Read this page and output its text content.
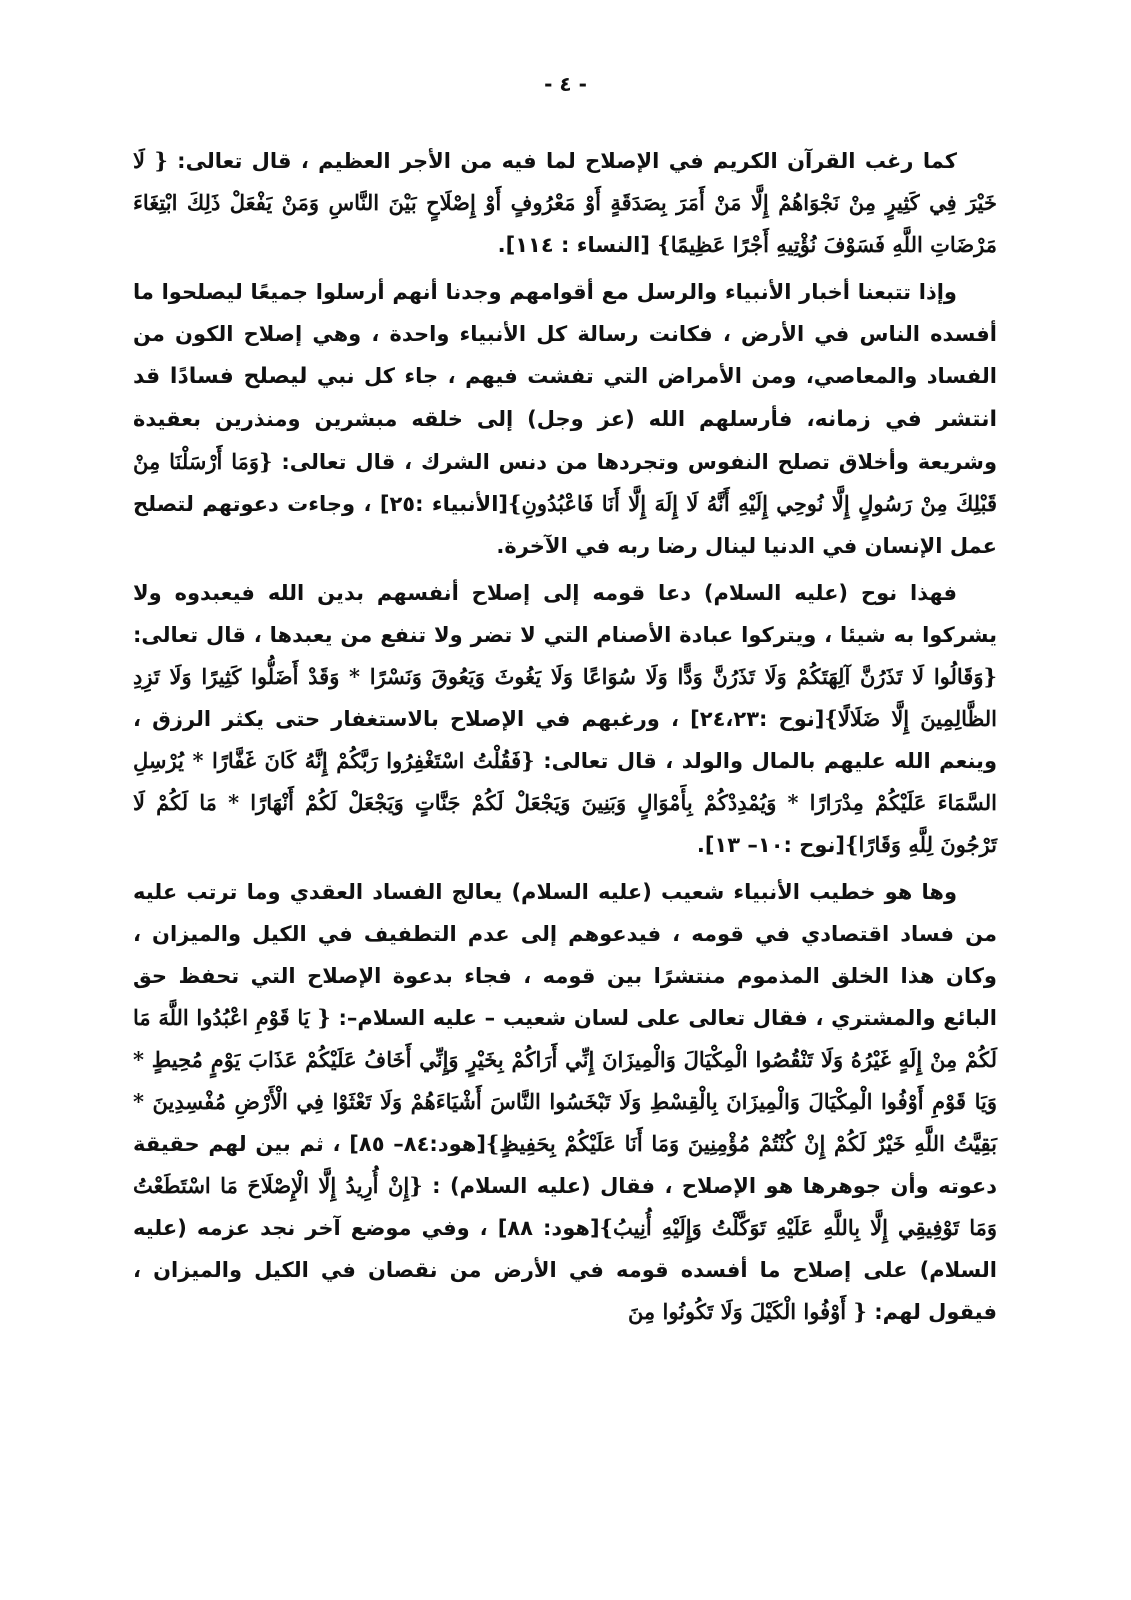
- ٤ -

كما رغب القرآن الكريم في الإصلاح لما فيه من الأجر العظيم ، قال تعالى: { لَا خَيْرَ فِي كَثِيرٍ مِنْ نَجْوَاهُمْ إِلَّا مَنْ أَمَرَ بِصَدَقَةٍ أَوْ مَعْرُوفٍ أَوْ إِصْلَاحٍ بَيْنَ النَّاسِ وَمَنْ يَفْعَلْ ذَلِكَ ابْتِغَاءَ مَرْضَاتِ اللَّهِ فَسَوْفَ نُؤْتِيهِ أَجْرًا عَظِيمًا} [النساء : ١١٤].

وإذا تتبعنا أخبار الأنبياء والرسل مع أقوامهم وجدنا أنهم أرسلوا جميعًا ليصلحوا ما أفسده الناس في الأرض ، فكانت رسالة كل الأنبياء واحدة ، وهي إصلاح الكون من الفساد والمعاصي، ومن الأمراض التي تفشت فيهم ، جاء كل نبي ليصلح فسادًا قد انتشر في زمانه، فأرسلهم الله (عز وجل) إلى خلقه مبشرين ومنذرين بعقيدة وشريعة وأخلاق تصلح النفوس وتجردها من دنس الشرك ، قال تعالى: {وَمَا أَرْسَلْنَا مِنْ قَبْلِكَ مِنْ رَسُولٍ إِلَّا نُوحِي إِلَيْهِ أَنَّهُ لَا إِلَهَ إِلَّا أَنَا فَاعْبُدُونِ}[الأنبياء :٢٥] ، وجاءت دعوتهم لتصلح عمل الإنسان في الدنيا لينال رضا ربه في الآخرة.

فهذا نوح (عليه السلام) دعا قومه إلى إصلاح أنفسهم بدين الله فيعبدوه ولا يشركوا به شيئا ، ويتركوا عبادة الأصنام التي لا تضر ولا تنفع من يعبدها ، قال تعالى: {وَقَالُوا لَا تَذَرُنَّ آلِهَتَكُمْ وَلَا تَذَرُنَّ وَدًّا وَلَا سُوَاعًا وَلَا يَغُوثَ وَيَعُوقَ وَنَسْرًا * وَقَدْ أَضَلُّوا كَثِيرًا وَلَا تَزِدِ الظَّالِمِينَ إِلَّا ضَلَالًا}[نوح :٢٤،٢٣] ، ورغبهم في الإصلاح بالاستغفار حتى يكثر الرزق ، وينعم الله عليهم بالمال والولد ، قال تعالى: {فَقُلْتُ اسْتَغْفِرُوا رَبَّكُمْ إِنَّهُ كَانَ غَفَّارًا * يُرْسِلِ السَّمَاءَ عَلَيْكُمْ مِدْرَارًا * وَيُمْدِدْكُمْ بِأَمْوَالٍ وَبَنِينَ وَيَجْعَلْ لَكُمْ جَنَّاتٍ وَيَجْعَلْ لَكُمْ أَنْهَارًا * مَا لَكُمْ لَا تَرْجُونَ لِلَّهِ وَقَارًا}[نوح :١٠– ١٣].

وها هو خطيب الأنبياء شعيب (عليه السلام) يعالج الفساد العقدي وما ترتب عليه من فساد اقتصادي في قومه ، فيدعوهم إلى عدم التطفيف في الكيل والميزان ، وكان هذا الخلق المذموم منتشرًا بين قومه ، فجاء بدعوة الإصلاح التي تحفظ حق البائع والمشتري ، فقال تعالى على لسان شعيب – عليه السلام–: { يَا قَوْمِ اعْبُدُوا اللَّهَ مَا لَكُمْ مِنْ إِلَهٍ غَيْرُهُ وَلَا تَنْقُصُوا الْمِكْيَالَ وَالْمِيزَانَ إِنِّي أَرَاكُمْ بِخَيْرٍ وَإِنِّي أَخَافُ عَلَيْكُمْ عَذَابَ يَوْمٍ مُحِيطٍ * وَيَا قَوْمِ أَوْفُوا الْمِكْيَالَ وَالْمِيزَانَ بِالْقِسْطِ وَلَا تَبْخَسُوا النَّاسَ أَشْيَاءَهُمْ وَلَا تَعْثَوْا فِي الْأَرْضِ مُفْسِدِينَ * بَقِيَّتُ اللَّهِ خَيْرٌ لَكُمْ إِنْ كُنْتُمْ مُؤْمِنِينَ وَمَا أَنَا عَلَيْكُمْ بِحَفِيظٍ}[هود:٨٤– ٨٥] ، ثم بين لهم حقيقة دعوته وأن جوهرها هو الإصلاح ، فقال (عليه السلام) : {إِنْ أُرِيدُ إِلَّا الْإِصْلَاحَ مَا اسْتَطَعْتُ وَمَا تَوْفِيقِي إِلَّا بِاللَّهِ عَلَيْهِ تَوَكَّلْتُ وَإِلَيْهِ أُنِيبُ}[هود: ٨٨] ، وفي موضع آخر نجد عزمه (عليه السلام) على إصلاح ما أفسده قومه في الأرض من نقصان في الكيل والميزان ، فيقول لهم: { أَوْفُوا الْكَيْلَ وَلَا تَكُونُوا مِنَ
